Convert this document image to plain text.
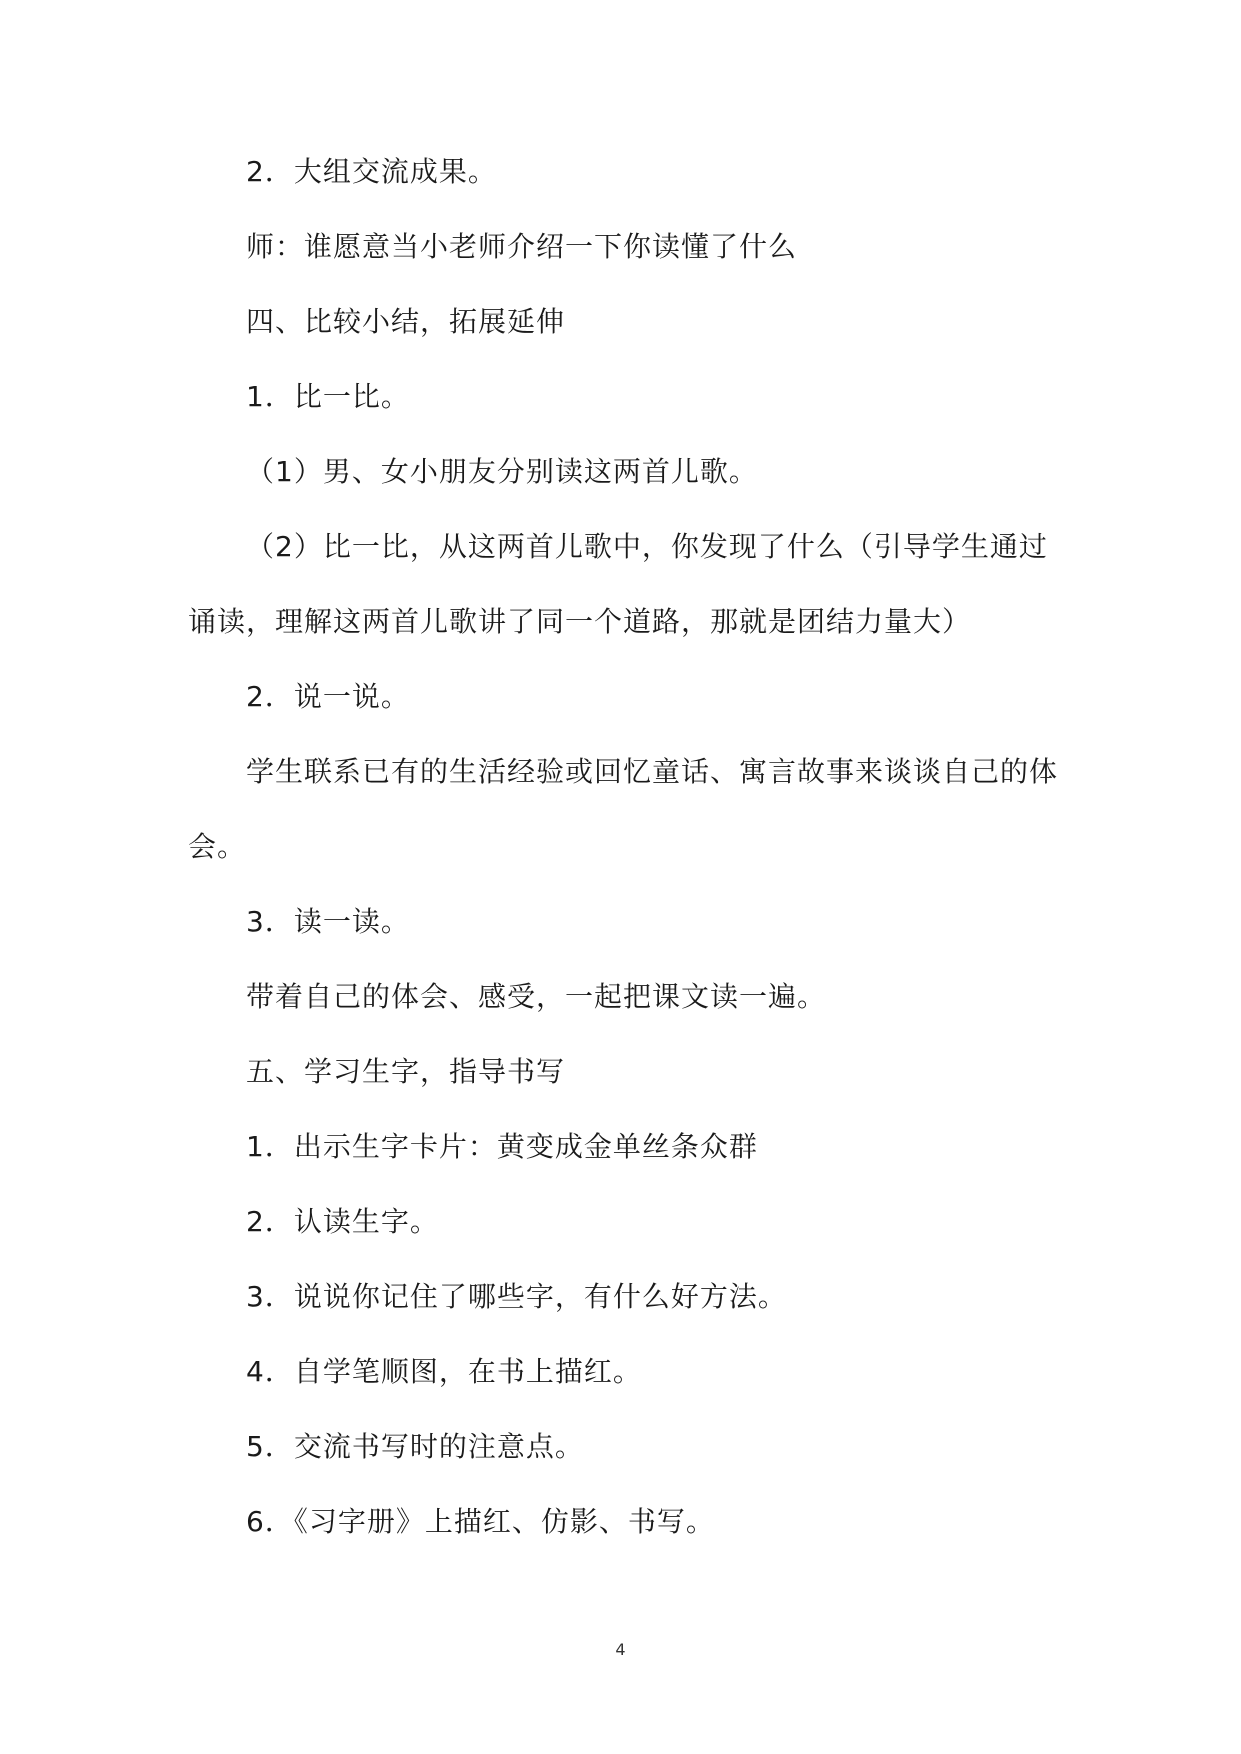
2．大组交流成果。
师：谁愿意当小老师介绍一下你读懂了什么
四、比较小结，拓展延伸
1．比一比。
（1）男、女小朋友分别读这两首儿歌。
（2）比一比，从这两首儿歌中，你发现了什么（引导学生通过
诵读，理解这两首儿歌讲了同一个道路，那就是团结力量大）
2．说一说。
学生联系已有的生活经验或回忆童话、寓言故事来谈谈自己的体
会。
3．读一读。
带着自己的体会、感受，一起把课文读一遍。
五、学习生字，指导书写
1．出示生字卡片：黄变成金单丝条众群
2．认读生字。
3．说说你记住了哪些字，有什么好方法。
4．自学笔顺图，在书上描红。
5．交流书写时的注意点。
6．《习字册》上描红、仿影、书写。
4
